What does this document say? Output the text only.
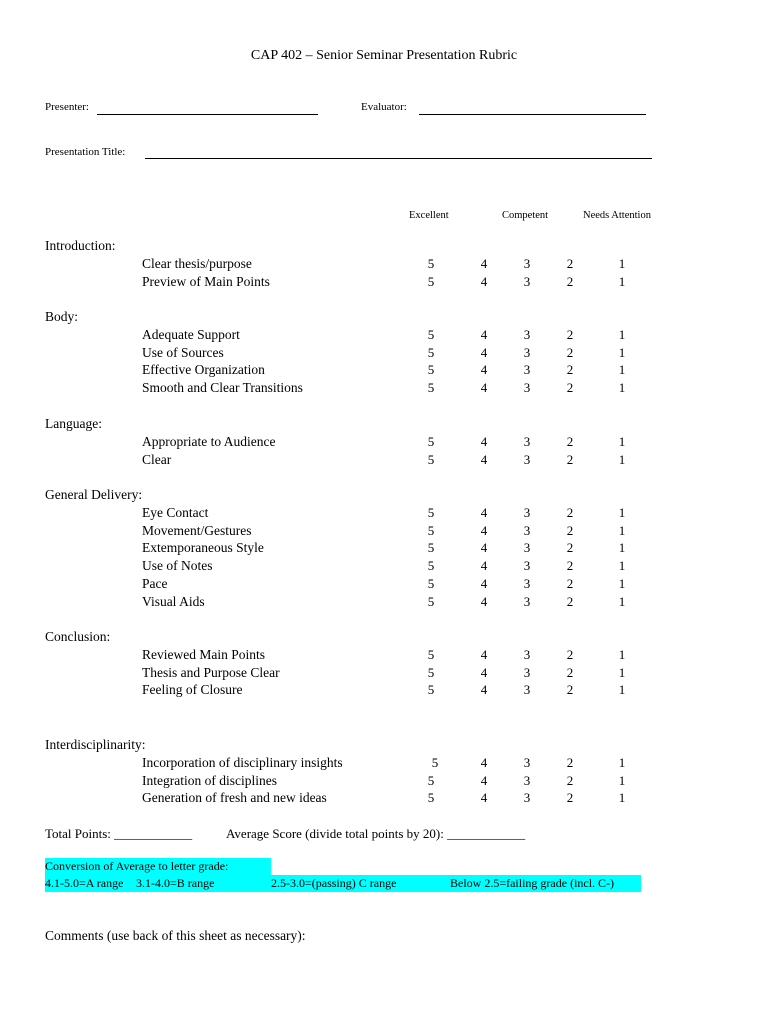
CAP 402 – Senior Seminar Presentation Rubric
Presenter:	Evaluator:
Presentation Title:
Excellent	Competent	Needs Attention
Introduction:
Clear thesis/purpose	5	4	3	2	1
Preview of Main Points	5	4	3	2	1
Body:
Adequate Support	5	4	3	2	1
Use of Sources	5	4	3	2	1
Effective Organization	5	4	3	2	1
Smooth and Clear Transitions	5	4	3	2	1
Language:
Appropriate to Audience	5	4	3	2	1
Clear	5	4	3	2	1
General Delivery:
Eye Contact	5	4	3	2	1
Movement/Gestures	5	4	3	2	1
Extemporaneous Style	5	4	3	2	1
Use of Notes	5	4	3	2	1
Pace	5	4	3	2	1
Visual Aids	5	4	3	2	1
Conclusion:
Reviewed Main Points	5	4	3	2	1
Thesis and Purpose Clear	5	4	3	2	1
Feeling of Closure	5	4	3	2	1
Interdisciplinarity:
Incorporation of disciplinary insights	5	4	3	2	1
Integration of disciplines	5	4	3	2	1
Generation of fresh and new ideas	5	4	3	2	1
Total Points: ____________	Average Score (divide total points by 20): ____________
Conversion of Average to letter grade:
4.1-5.0=A range 3.1-4.0=B range	2.5-3.0=(passing) C range	Below 2.5=failing grade (incl. C-)
Comments (use back of this sheet as necessary):
